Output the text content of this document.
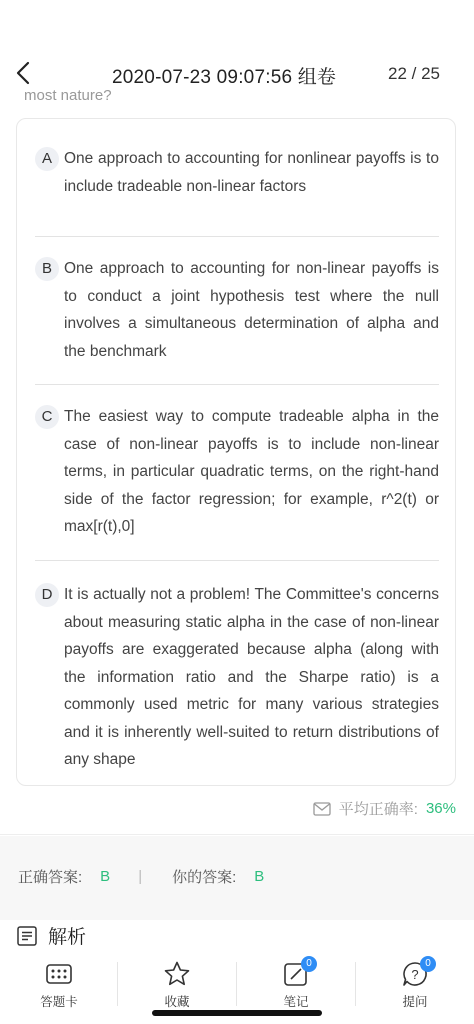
2020-07-23 09:07:56 组卷	22 / 25
most nature?
A One approach to accounting for nonlinear payoffs is to include tradeable non-linear factors
B One approach to accounting for non-linear payoffs is to conduct a joint hypothesis test where the null involves a simultaneous determination of alpha and the benchmark
C The easiest way to compute tradeable alpha in the case of non-linear payoffs is to include non-linear terms, in particular quadratic terms, on the right-hand side of the factor regression; for example, r^2(t) or max[r(t),0]
D It is actually not a problem! The Committee's concerns about measuring static alpha in the case of non-linear payoffs are exaggerated because alpha (along with the information ratio and the Sharpe ratio) is a commonly used metric for many various strategies and it is inherently well-suited to return distributions of any shape
平均正确率: 36%
正确答案: B | 你的答案: B
解析
答题卡	收藏
0
笔记
?
0
提问
